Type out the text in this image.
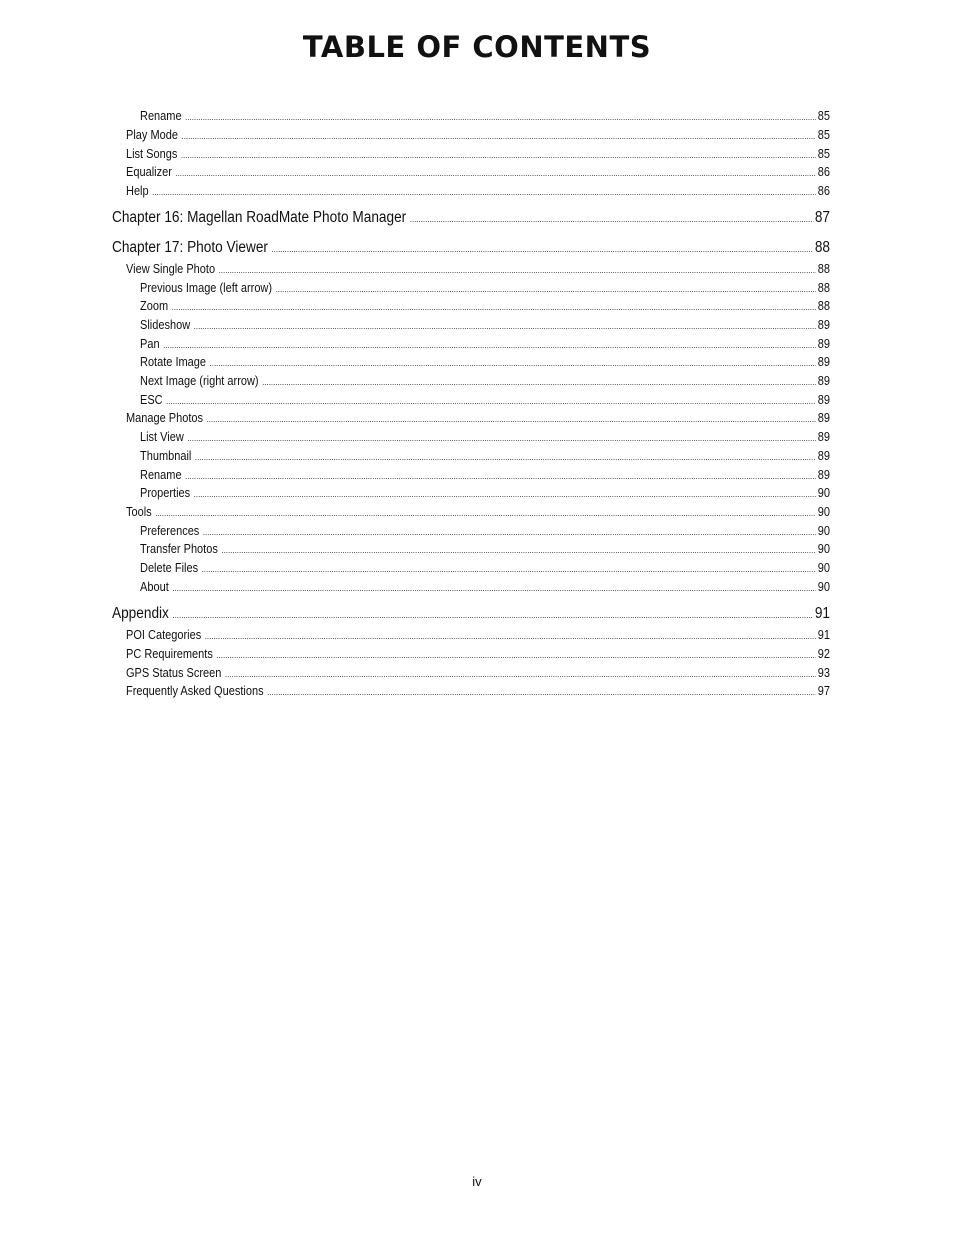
TABLE OF CONTENTS
Rename .....	85
Play Mode .....	85
List Songs .....	85
Equalizer .....	86
Help .....	86
Chapter 16: Magellan RoadMate Photo Manager .....	87
Chapter 17: Photo Viewer .....	88
View Single Photo .....	88
Previous Image (left arrow) .....	88
Zoom .....	88
Slideshow .....	89
Pan .....	89
Rotate Image .....	89
Next Image (right arrow) .....	89
ESC .....	89
Manage Photos .....	89
List View .....	89
Thumbnail .....	89
Rename .....	89
Properties .....	90
Tools .....	90
Preferences .....	90
Transfer Photos .....	90
Delete Files .....	90
About .....	90
Appendix .....	91
POI Categories .....	91
PC Requirements .....	92
GPS Status Screen .....	93
Frequently Asked Questions .....	97
iv
